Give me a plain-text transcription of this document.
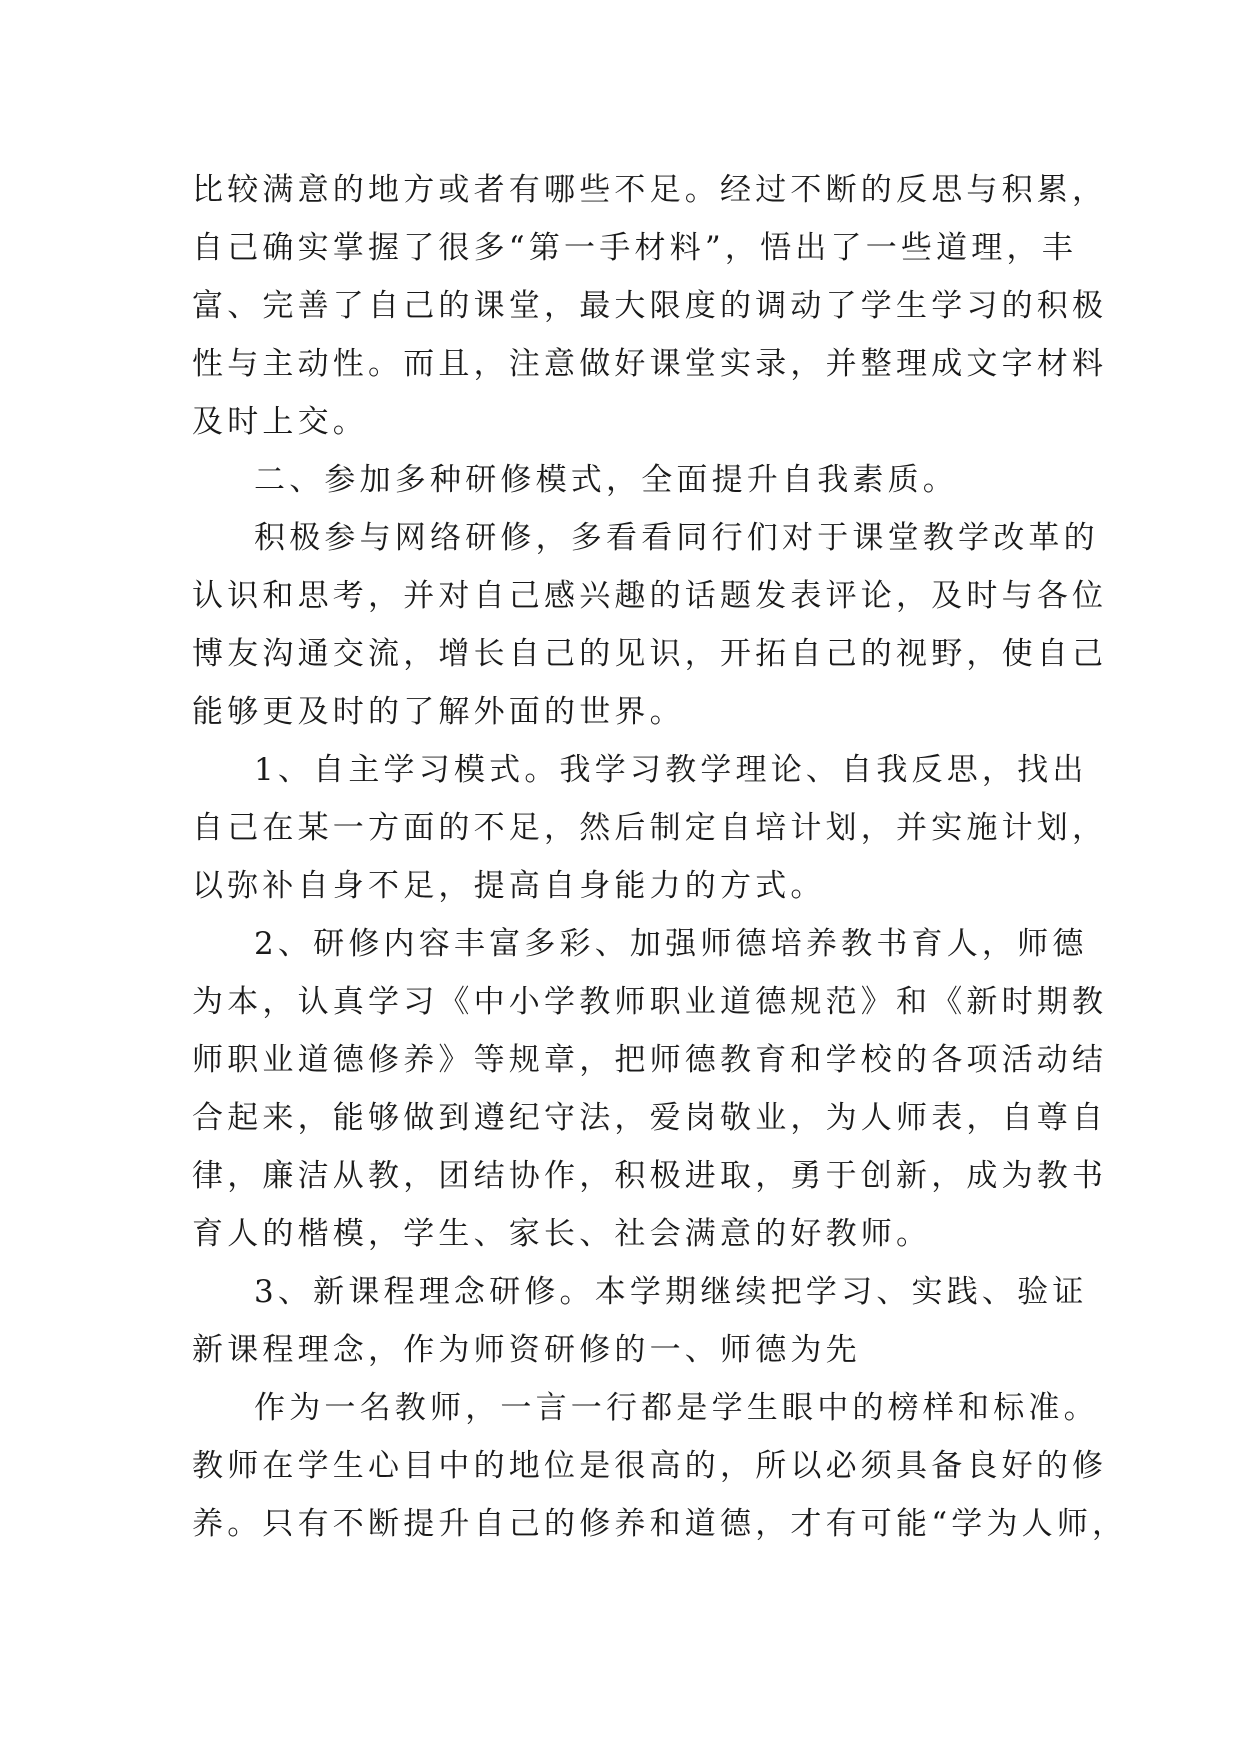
比较满意的地方或者有哪些不足。经过不断的反思与积累，
自己确实掌握了很多“第一手材料”，悟出了一些道理，丰
富、完善了自己的课堂，最大限度的调动了学生学习的积极
性与主动性。而且，注意做好课堂实录，并整理成文字材料
及时上交。
二、参加多种研修模式，全面提升自我素质。
积极参与网络研修，多看看同行们对于课堂教学改革的
认识和思考，并对自己感兴趣的话题发表评论，及时与各位
博友沟通交流，增长自己的见识，开拓自己的视野，使自己
能够更及时的了解外面的世界。
1、自主学习模式。我学习教学理论、自我反思，找出
自己在某一方面的不足，然后制定自培计划，并实施计划，
以弥补自身不足，提高自身能力的方式。
2、研修内容丰富多彩、加强师德培养教书育人，师德
为本，认真学习《中小学教师职业道德规范》和《新时期教
师职业道德修养》等规章，把师德教育和学校的各项活动结
合起来，能够做到遵纪守法，爱岗敬业，为人师表，自尊自
律，廉洁从教，团结协作，积极进取，勇于创新，成为教书
育人的楷模，学生、家长、社会满意的好教师。
3、新课程理念研修。本学期继续把学习、实践、验证
新课程理念，作为师资研修的一、师德为先
作为一名教师，一言一行都是学生眼中的榜样和标准。
教师在学生心目中的地位是很高的，所以必须具备良好的修
养。只有不断提升自己的修养和道德，才有可能“学为人师，
